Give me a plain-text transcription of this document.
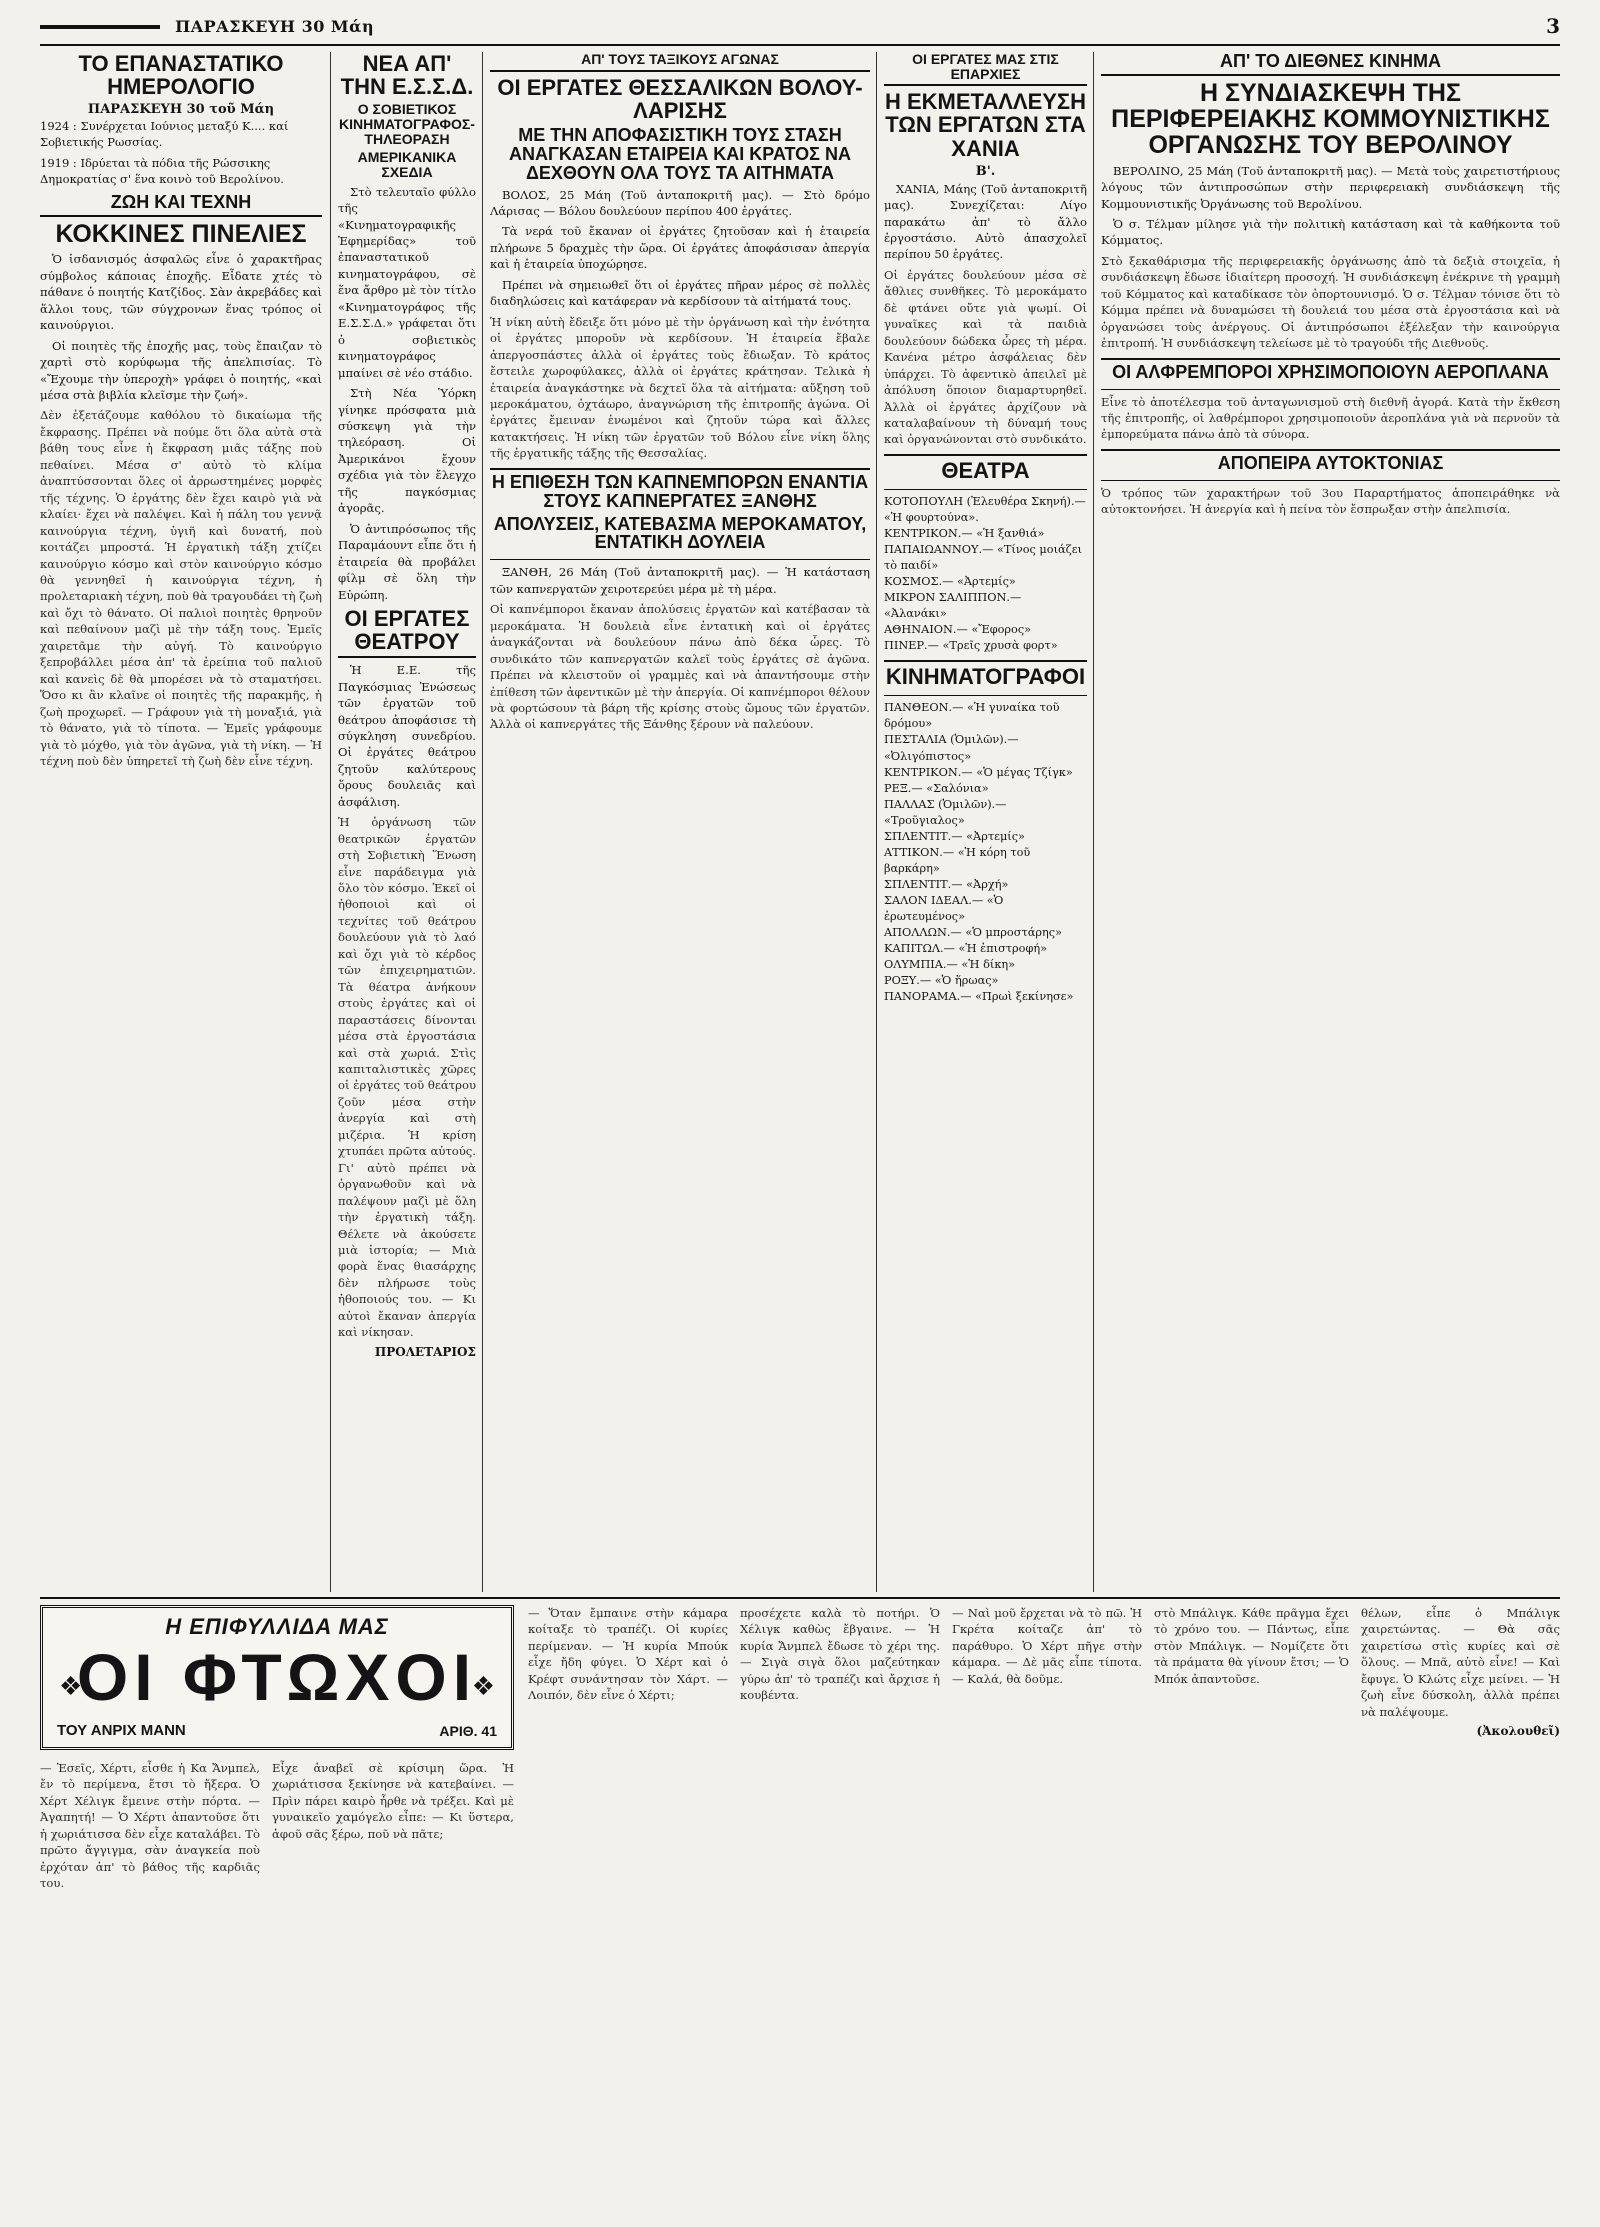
ΠΑΡΑΣΚΕΥΗ 30 Μάη	3
ΤΟ ΕΠΑΝΑΣΤΑΤΙΚΟ ΗΜΕΡΟΛΟΓΙΟ
ΠΑΡΑΣΚΕΥΗ 30 τοῦ Μάη
1924 : Συνέρχεται Ιούνιος μεταξύ Κ.... καί Σοβιετικής Ρωσσίας.
1919 : Ιδρύεται τὰ πόδια τῆς Ρώσσικης Δημοκρατίας σ' ἕνα κοινὸ τοῦ Βερολίνου.
ΖΩΗ ΚΑΙ ΤΕΧΝΗ
ΚΟΚΚΙΝΕΣ ΠΙΝΕΛΙΕΣ

Ὁ ἰσδανισμός ἀσφαλῶς εἶνε ὁ χαρακτῆρας σύμβολος κάποιας ἐποχῆς. Εἶδατε χτές τὸ πάθανε ὁ ποιητής Κατζίδος. Σὰν ἀκρεβάδες καὶ ἅλλοι τους, τῶν σύγχρονων ἕνας τρόπος οἱ καινούργιοι.

Οἱ ποιητὲς τῆς ἐποχῆς μας, τοὺς ἔπαιζαν τὸ χαρτὶ στὸ κορύφωμα τῆς ἀπελπισίας. Τὸ «Ἔχουμε τὴν ὑπεροχὴ» γράφει ὁ ποιητής, «καὶ μέσα στὰ βιβλία κλεῖσμε τὴν ζωή».

Δὲν ἐξετάζουμε καθόλου τὸ δικαίωμα τῆς ἔκφρασης. Πρέπει νὰ πούμε ὅτι ὅλα αὐτὰ στὰ βάθη τους εἶνε ἡ ἔκφραση μιᾶς τάξης ποὺ πεθαίνει. Μέσα σ' αὐτὸ τὸ κλίμα ἀναπτύσσονται ὅλες οἱ ἀρρωστημένες μορφὲς τῆς τέχνης. Ὁ ἐργάτης δὲν ἔχει καιρὸ γιὰ νὰ κλαίει· ἔχει νὰ παλέψει. Καὶ ἡ πάλη του γεννᾷ καινούργια τέχνη, ὑγιῆ καὶ δυνατή, ποὺ κοιτάζει μπροστά. Ἡ ἐργατικὴ τάξη χτίζει καινούργιο κόσμο καὶ στὸν καινούργιο κόσμο θὰ γεννηθεῖ ἡ καινούργια τέχνη, ἡ προλεταριακὴ τέχνη, ποὺ θὰ τραγουδάει τὴ ζωὴ καὶ ὄχι τὸ θάνατο. Οἱ παλιοὶ ποιητὲς θρηνοῦν καὶ πεθαίνουν μαζὶ μὲ τὴν τάξη τους. Ἐμεῖς χαιρετᾶμε τὴν αὐγή. Τὸ καινούργιο ξεπροβάλλει μέσα ἀπ' τὰ ἐρείπια τοῦ παλιοῦ καὶ κανεὶς δὲ θὰ μπορέσει νὰ τὸ σταματήσει. Ὅσο κι ἂν κλαῖνε οἱ ποιητὲς τῆς παρακμῆς, ἡ ζωὴ προχωρεῖ. — Γράφουν γιὰ τὴ μοναξιά, γιὰ τὸ θάνατο, γιὰ τὸ τίποτα. — Ἐμεῖς γράφουμε γιὰ τὸ μόχθο, γιὰ τὸν ἀγῶνα, γιὰ τὴ νίκη. — Ἡ τέχνη ποὺ δὲν ὑπηρετεῖ τὴ ζωὴ δὲν εἶνε τέχνη.

ΝΕΑ ΑΠ' ΤΗΝ Ε.Σ.Σ.Δ.
Ο ΣΟΒΙΕΤΙΚΟΣ ΚΙΝΗΜΑΤΟΓΡΑΦΟΣ-ΤΗΛΕΟΡΑΣΗ
ΑΜΕΡΙΚΑΝΙΚΑ ΣΧΕΔΙΑ

Στὸ τελευταῖο φύλλο τῆς «Κινηματογραφικῆς Ἐφημερίδας» τοῦ ἐπαναστατικοῦ κινηματογράφου, σὲ ἕνα ἄρθρο μὲ τὸν τίτλο «Κινηματογράφος τῆς Ε.Σ.Σ.Δ.» γράφεται ὅτι ὁ σοβιετικὸς κινηματογράφος μπαίνει σὲ νέο στάδιο.

Στὴ Νέα Ὑόρκη γίνηκε πρόσφατα μιὰ σύσκεψη γιὰ τὴν τηλεόραση. Οἱ Ἀμερικάνοι ἔχουν σχέδια γιὰ τὸν ἔλεγχο τῆς παγκόσμιας ἀγορᾶς.

Ὁ ἀντιπρόσωπος τῆς Παραμάουντ εἶπε ὅτι ἡ ἐταιρεία θὰ προβάλει φίλμ σὲ ὅλη τὴν Εὐρώπη.

ΟΙ ΕΡΓΑΤΕΣ ΘΕΑΤΡΟΥ

Ἡ Ε.Ε. τῆς Παγκόσμιας Ἐνώσεως τῶν ἐργατῶν τοῦ θεάτρου ἀποφάσισε τὴ σύγκληση συνεδρίου. Οἱ ἐργάτες θεάτρου ζητοῦν καλύτερους ὅρους δουλειᾶς καὶ ἀσφάλιση.

Ἡ ὀργάνωση τῶν θεατρικῶν ἐργατῶν στὴ Σοβιετικὴ Ἕνωση εἶνε παράδειγμα γιὰ ὅλο τὸν κόσμο. Ἐκεῖ οἱ ἠθοποιοὶ καὶ οἱ τεχνίτες τοῦ θεάτρου δουλεύουν γιὰ τὸ λαό καὶ ὄχι γιὰ τὸ κέρδος τῶν ἐπιχειρηματιῶν. Τὰ θέατρα ἀνήκουν στοὺς ἐργάτες καὶ οἱ παραστάσεις δίνονται μέσα στὰ ἐργοστάσια καὶ στὰ χωριά. Στὶς καπιταλιστικὲς χῶρες οἱ ἐργάτες τοῦ θεάτρου ζοῦν μέσα στὴν ἀνεργία καὶ στὴ μιζέρια. Ἡ κρίση χτυπάει πρῶτα αὐτούς. Γι' αὐτὸ πρέπει νὰ ὀργανωθοῦν καὶ νὰ παλέψουν μαζὶ μὲ ὅλη τὴν ἐργατικὴ τάξη. Θέλετε νὰ ἀκούσετε μιὰ ἱστορία; — Μιὰ φορὰ ἕνας θιασάρχης δὲν πλήρωσε τοὺς ἠθοποιούς του. — Κι αὐτοὶ ἔκαναν ἀπεργία καὶ νίκησαν.

ΠΡΟΛΕΤΑΡΙΟΣ
ΑΠ' ΤΟΥΣ ΤΑΞΙΚΟΥΣ ΑΓΩΝΑΣ
ΟΙ ΕΡΓΑΤΕΣ ΘΕΣΣΑΛΙΚΩΝ ΒΟΛΟΥ-ΛΑΡΙΣΗΣ
ΜΕ ΤΗΝ ΑΠΟΦΑΣΙΣΤΙΚΗ ΤΟΥΣ ΣΤΑΣΗ ΑΝΑΓΚΑΣΑΝ ΕΤΑΙΡΕΙΑ ΚΑΙ ΚΡΑΤΟΣ ΝΑ ΔΕΧΘΟΥΝ ΟΛΑ ΤΟΥΣ ΤΑ ΑΙΤΗΜΑΤΑ

ΒΟΛΟΣ, 25 Μάη (Τοῦ ἀνταποκριτῆ μας). — Στὸ δρόμο Λάρισας — Βόλου δουλεύουν περίπου 400 ἐργάτες.

Τὰ νερά τοῦ ἔκαναν οἱ ἐργάτες ζητοῦσαν καὶ ἡ ἑταιρεία πλήρωνε 5 δραχμὲς τὴν ὥρα. Οἱ ἐργάτες ἀποφάσισαν ἀπεργία καὶ ἡ ἑταιρεία ὑποχώρησε.

Πρέπει νὰ σημειωθεῖ ὅτι οἱ ἐργάτες πῆραν μέρος σὲ πολλὲς διαδηλώσεις καὶ κατάφεραν νὰ κερδίσουν τὰ αἰτήματά τους.

Ἡ νίκη αὐτὴ ἔδειξε ὅτι μόνο μὲ τὴν ὀργάνωση καὶ τὴν ἑνότητα οἱ ἐργάτες μποροῦν νὰ κερδίσουν. Ἡ ἑταιρεία ἔβαλε ἀπεργοσπάστες ἀλλὰ οἱ ἐργάτες τοὺς ἔδιωξαν. Τὸ κράτος ἔστειλε χωροφύλακες, ἀλλὰ οἱ ἐργάτες κράτησαν. Τελικὰ ἡ ἑταιρεία ἀναγκάστηκε νὰ δεχτεῖ ὅλα τὰ αἰτήματα: αὔξηση τοῦ μεροκάματου, ὀχτάωρο, ἀναγνώριση τῆς ἐπιτροπῆς ἀγώνα. Οἱ ἐργάτες ἔμειναν ἑνωμένοι καὶ ζητοῦν τώρα καὶ ἄλλες κατακτήσεις. Ἡ νίκη τῶν ἐργατῶν τοῦ Βόλου εἶνε νίκη ὅλης τῆς ἐργατικῆς τάξης τῆς Θεσσαλίας.

Η ΕΠΙΘΕΣΗ ΤΩΝ ΚΑΠΝΕΜΠΟΡΩΝ ΕΝΑΝΤΙΑ ΣΤΟΥΣ ΚΑΠΝΕΡΓΑΤΕΣ ΞΑΝΘΗΣ
ΑΠΟΛΥΣΕΙΣ, ΚΑΤΕΒΑΣΜΑ ΜΕΡΟΚΑΜΑΤΟΥ, ΕΝΤΑΤΙΚΗ ΔΟΥΛΕΙΑ

ΞΑΝΘΗ, 26 Μάη (Τοῦ ἀνταποκριτῆ μας). — Ἡ κατάσταση τῶν καπνεργατῶν χειροτερεύει μέρα μὲ τὴ μέρα.

Οἱ καπνέμποροι ἔκαναν ἀπολύσεις ἐργατῶν καὶ κατέβασαν τὰ μεροκάματα. Ἡ δουλειὰ εἶνε ἐντατικὴ καὶ οἱ ἐργάτες ἀναγκάζονται νὰ δουλεύουν πάνω ἀπὸ δέκα ὧρες. Τὸ συνδικάτο τῶν καπνεργατῶν καλεῖ τοὺς ἐργάτες σὲ ἀγῶνα. Πρέπει νὰ κλειστοῦν οἱ γραμμὲς καὶ νὰ ἀπαντήσουμε στὴν ἐπίθεση τῶν ἀφεντικῶν μὲ τὴν ἀπεργία. Οἱ καπνέμποροι θέλουν νὰ φορτώσουν τὰ βάρη τῆς κρίσης στοὺς ὤμους τῶν ἐργατῶν. Ἀλλὰ οἱ καπνεργάτες τῆς Ξάνθης ξέρουν νὰ παλεύουν.

ΟΙ ΕΡΓΑΤΕΣ ΜΑΣ ΣΤΙΣ ΕΠΑΡΧΙΕΣ
Η ΕΚΜΕΤΑΛΛΕΥΣΗ ΤΩΝ ΕΡΓΑΤΩΝ ΣΤΑ ΧΑΝΙΑ
Β'.

ΧΑΝΙΑ, Μάης (Τοῦ ἀνταποκριτῆ μας). Συνεχίζεται: Λίγο παρακάτω ἀπ' τὸ ἄλλο ἐργοστάσιο. Αὐτὸ ἀπασχολεῖ περίπου 50 ἐργάτες.

Οἱ ἐργάτες δουλεύουν μέσα σὲ ἄθλιες συνθῆκες. Τὸ μεροκάματο δὲ φτάνει οὔτε γιὰ ψωμί. Οἱ γυναῖκες καὶ τὰ παιδιὰ δουλεύουν δώδεκα ὧρες τὴ μέρα. Κανένα μέτρο ἀσφάλειας δὲν ὑπάρχει. Τὸ ἀφεντικὸ ἀπειλεῖ μὲ ἀπόλυση ὅποιον διαμαρτυρηθεῖ. Ἀλλὰ οἱ ἐργάτες ἀρχίζουν νὰ καταλαβαίνουν τὴ δύναμή τους καὶ ὀργανώνονται στὸ συνδικάτο.

ΘΕΑΤΡΑ
ΚΟΤΟΠΟΥΛΗ (Ἐλευθέρα Σκηνή).— «Ἡ φουρτούνα».
ΚΕΝΤΡΙΚΟΝ.— «Ἡ ξανθιά»
ΠΑΠΑΙΩΑΝΝΟΥ.— «Τίνος μοιάζει τὸ παιδί»
ΚΟΣΜΟΣ.— «Ἀρτεμίς»
ΜΙΚΡΟΝ ΣΑΛΙΠΠΟΝ.— «Ἀλανάκι»
ΑΘΗΝΑΙΟΝ.— «Ἔφορος»
ΠΙΝΕΡ.— «Τρεῖς χρυσὰ φορτ»
ΚΙΝΗΜΑΤΟΓΡΑΦΟΙ
ΠΑΝΘΕΟΝ.— «Ἡ γυναίκα τοῦ δρόμου»
ΠΕΣΤΑΛΙΑ (Ὁμιλῶν).— «Ὀλιγόπιστος»
ΚΕΝΤΡΙΚΟΝ.— «Ὁ μέγας Τζίγκ»
ΡΕΞ.— «Σαλόνια»
ΠΑΛΛΑΣ (Ὁμιλῶν).— «Τροῦγιαλος»
ΣΠΛΕΝΤΙΤ.— «Ἀρτεμίς»
ΑΤΤΙΚΟΝ.— «Ἡ κόρη τοῦ βαρκάρη»
ΣΠΛΕΝΤΙΤ.— «Ἀρχή»
ΣΑΛΟΝ ΙΔΕΑΛ.— «Ὁ ἐρωτευμένος»
ΑΠΟΛΛΩΝ.— «Ὁ μπροστάρης»
ΚΑΠΙΤΩΛ.— «Ἡ ἐπιστροφή»
ΟΛΥΜΠΙΑ.— «Ἡ δίκη»
ΡΟΞΥ.— «Ὁ ἥρωας»
ΠΑΝΟΡΑΜΑ.— «Πρωὶ ξεκίνησε»
ΑΠ' ΤΟ ΔΙΕΘΝΕΣ ΚΙΝΗΜΑ
Η ΣΥΝΔΙΑΣΚΕΨΗ ΤΗΣ ΠΕΡΙΦΕΡΕΙΑΚΗΣ ΚΟΜΜΟΥΝΙΣΤΙΚΗΣ ΟΡΓΑΝΩΣΗΣ ΤΟΥ ΒΕΡΟΛΙΝΟΥ

ΒΕΡΟΛΙΝΟ, 25 Μάη (Τοῦ ἀνταποκριτῆ μας). — Μετὰ τοὺς χαιρετιστήριους λόγους τῶν ἀντιπροσώπων στὴν περιφερειακὴ συνδιάσκεψη τῆς Κομμουνιστικῆς Ὀργάνωσης τοῦ Βερολίνου.

Ὁ σ. Τέλμαν μίλησε γιὰ τὴν πολιτικὴ κατάσταση καὶ τὰ καθήκοντα τοῦ Κόμματος.

Στὸ ξεκαθάρισμα τῆς περιφερειακῆς ὀργάνωσης ἀπὸ τὰ δεξιὰ στοιχεῖα, ἡ συνδιάσκεψη ἔδωσε ἰδιαίτερη προσοχή. Ἡ συνδιάσκεψη ἐνέκρινε τὴ γραμμὴ τοῦ Κόμματος καὶ καταδίκασε τὸν ὀπορτουνισμό. Ὁ σ. Τέλμαν τόνισε ὅτι τὸ Κόμμα πρέπει νὰ δυναμώσει τὴ δουλειά του μέσα στὰ ἐργοστάσια καὶ νὰ ὀργανώσει τοὺς ἀνέργους. Οἱ ἀντιπρόσωποι ἐξέλεξαν τὴν καινούργια ἐπιτροπή. Ἡ συνδιάσκεψη τελείωσε μὲ τὸ τραγούδι τῆς Διεθνοῦς.

ΟΙ ΑΛΦΡΕΜΠΟΡΟΙ ΧΡΗΣΙΜΟΠΟΙΟΥΝ ΑΕΡΟΠΛΑΝΑ

Εἶνε τὸ ἀποτέλεσμα τοῦ ἀνταγωνισμοῦ στὴ διεθνῆ ἀγορά. Κατὰ τὴν ἔκθεση τῆς ἐπιτροπῆς, οἱ λαθρέμποροι χρησιμοποιοῦν ἀεροπλάνα γιὰ νὰ περνοῦν τὰ ἐμπορεύματα πάνω ἀπὸ τὰ σύνορα.

ΑΠΟΠΕΙΡΑ ΑΥΤΟΚΤΟΝΙΑΣ

Ὁ τρόπος τῶν χαρακτήρων τοῦ 3ου Παραρτήματος ἀποπειράθηκε νὰ αὐτοκτονήσει. Ἡ ἀνεργία καὶ ἡ πείνα τὸν ἔσπρωξαν στὴν ἀπελπισία.

Η ΕΠΙΦΥΛΛΙΔΑ ΜΑΣ
❖
ΟΙ ΦΤΩΧΟΙ
❖
ΤΟΥ ΑΝΡΙΧ ΜΑΝΝ	ΑΡΙΘ. 41

— Ἐσεῖς, Χέρτι, εἶσθε ἡ Κα Ἄνμπελ, ἔν τὸ περίμενα, ἔτσι τὸ ἤξερα. Ὁ Χέρτ Χέλιγκ ἔμεινε στὴν πόρτα. — Ἀγαπητή! — Ὁ Χέρτι ἀπαντοῦσε ὅτι ἡ χωριάτισσα δὲν εἶχε καταλάβει. Τὸ πρῶτο ἄγγιγμα, σὰν ἀναγκεία ποὺ ἐρχόταν ἀπ' τὸ βάθος τῆς καρδιᾶς του.

Εἶχε ἀναβεῖ σὲ κρίσιμη ὥρα. Ἡ χωριάτισσα ξεκίνησε νὰ κατεβαίνει. — Πρὶν πάρει καιρὸ ἦρθε νὰ τρέξει. Καὶ μὲ γυναικεῖο χαμόγελο εἶπε: — Κι ὕστερα, ἀφοῦ σᾶς ξέρω, ποῦ νὰ πᾶτε;

— Ὅταν ἔμπαινε στὴν κάμαρα κοίταξε τὸ τραπέζι. Οἱ κυρίες περίμεναν. — Ἡ κυρία Μπούκ εἶχε ἤδη φύγει. Ὁ Χέρτ καὶ ὁ Κρέφτ συνάντησαν τὸν Χάρτ. — Λοιπόν, δὲν εἶνε ὁ Χέρτι;

προσέχετε καλὰ τὸ ποτήρι. Ὁ Χέλιγκ καθὼς ἔβγαινε. — Ἡ κυρία Ἄνμπελ ἔδωσε τὸ χέρι της. — Σιγὰ σιγὰ ὅλοι μαζεύτηκαν γύρω ἀπ' τὸ τραπέζι καὶ ἄρχισε ἡ κουβέντα.

— Ναὶ μοῦ ἔρχεται νὰ τὸ πῶ. Ἡ Γκρέτα κοίταζε ἀπ' τὸ παράθυρο. Ὁ Χέρτ πῆγε στὴν κάμαρα. — Δὲ μᾶς εἶπε τίποτα. — Καλά, θὰ δοῦμε.

στὸ Μπάλιγκ. Κάθε πρᾶγμα ἔχει τὸ χρόνο του. — Πάντως, εἶπε στὸν Μπάλιγκ. — Νομίζετε ὅτι τὰ πράματα θὰ γίνουν ἔτσι; — Ὁ Μπόκ ἀπαντοῦσε.

θέλων, εἶπε ὁ Μπάλιγκ χαιρετώντας. — Θὰ σᾶς χαιρετίσω στὶς κυρίες καὶ σὲ ὅλους. — Μπᾶ, αὐτὸ εἶνε! — Καὶ ἔφυγε. Ὁ Κλώτς εἶχε μείνει. — Ἡ ζωὴ εἶνε δύσκολη, ἀλλὰ πρέπει νὰ παλέψουμε.

(Ἀκολουθεῖ)
